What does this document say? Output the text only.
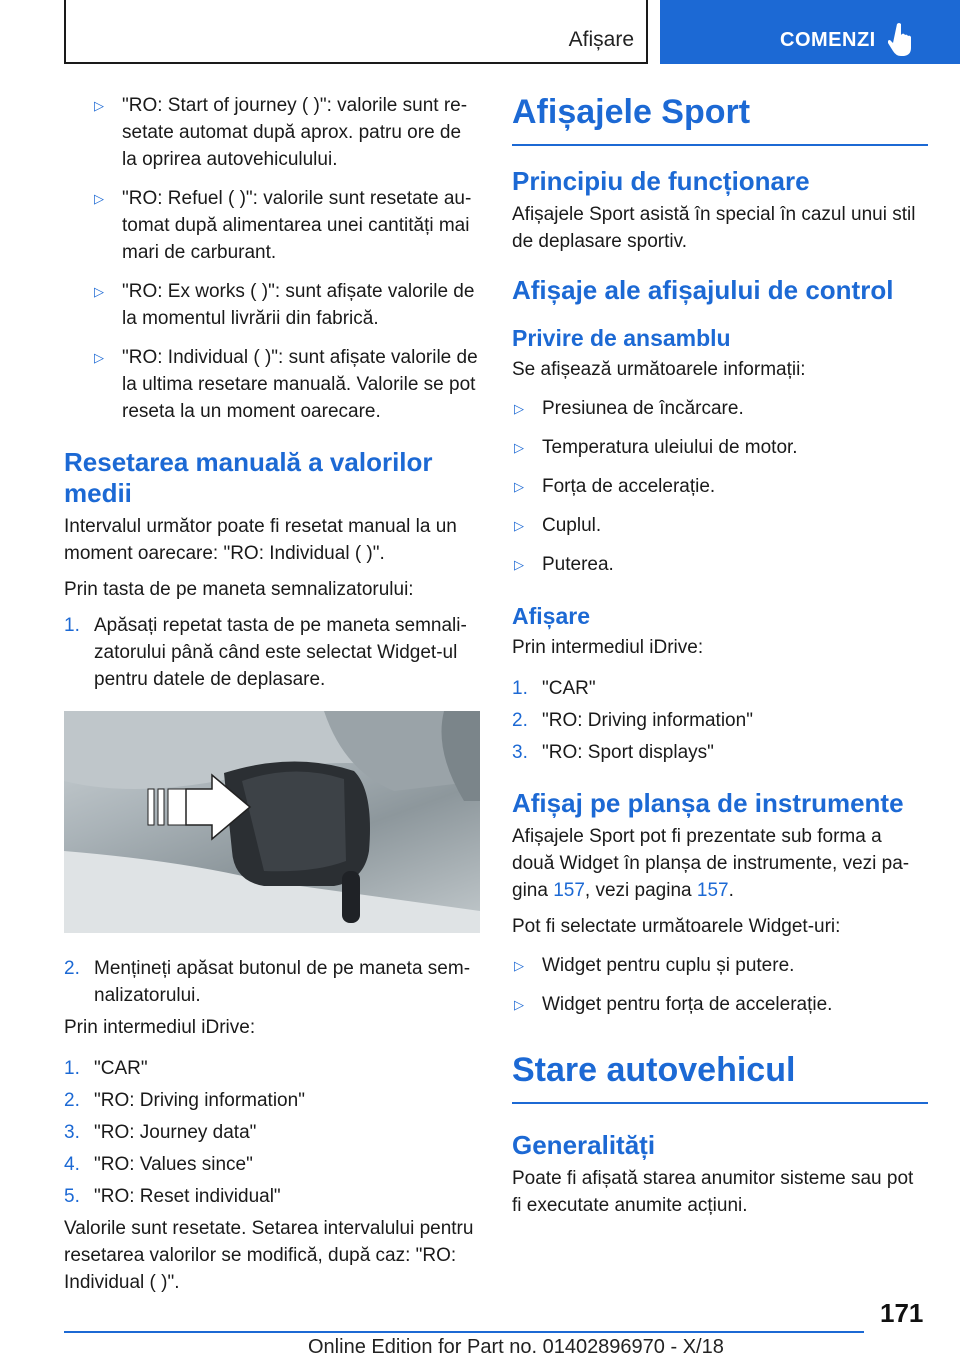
Afișare	COMENZI
▷ "RO: Start of journey ( )": valorile sunt resetate automat după aprox. patru ore de la oprirea autovehiculului.

▷ "RO: Refuel ( )": valorile sunt resetate automat după alimentarea unei cantități mai mari de carburant.

▷ "RO: Ex works ( )": sunt afișate valorile de la momentul livrării din fabrică.

▷ "RO: Individual ( )": sunt afișate valorile de la ultima resetare manuală. Valorile se pot reseta la un moment oarecare.

Resetarea manuală a valorilor medii

Intervalul următor poate fi resetat manual la un moment oarecare: "RO: Individual ( )".

Prin tasta de pe maneta semnalizatorului:

1. Apăsați repetat tasta de pe maneta semnalizatorului până când este selectat Widget-ul pentru datele de deplasare.

2. Mențineți apăsat butonul de pe maneta semnalizatorului.

Prin intermediul iDrive:

1. "CAR"

2. "RO: Driving information"

3. "RO: Journey data"

4. "RO: Values since"

5. "RO: Reset individual"

Valorile sunt resetate. Setarea intervalului pentru resetarea valorilor se modifică, după caz: "RO: Individual ( )".

Afișajele Sport
Principiu de funcționare

Afișajele Sport asistă în special în cazul unui stil de deplasare sportiv.

Afișaje ale afișajului de control
Privire de ansamblu

Se afișează următoarele informații:

▷ Presiunea de încărcare.

▷ Temperatura uleiului de motor.

▷ Forța de accelerație.

▷ Cuplul.

▷ Puterea.

Afișare

Prin intermediul iDrive:

1. "CAR"

2. "RO: Driving information"

3. "RO: Sport displays"

Afișaj pe planșa de instrumente

Afișajele Sport pot fi prezentate sub forma a două Widget în planșa de instrumente, vezi pagina 157, vezi pagina 157.

Pot fi selectate următoarele Widget-uri:

▷ Widget pentru cuplu și putere.

▷ Widget pentru forța de accelerație.

Stare autovehicul
Generalități

Poate fi afișată starea anumitor sisteme sau pot fi executate anumite acțiuni.

171
Online Edition for Part no. 01402896970 - X/18
